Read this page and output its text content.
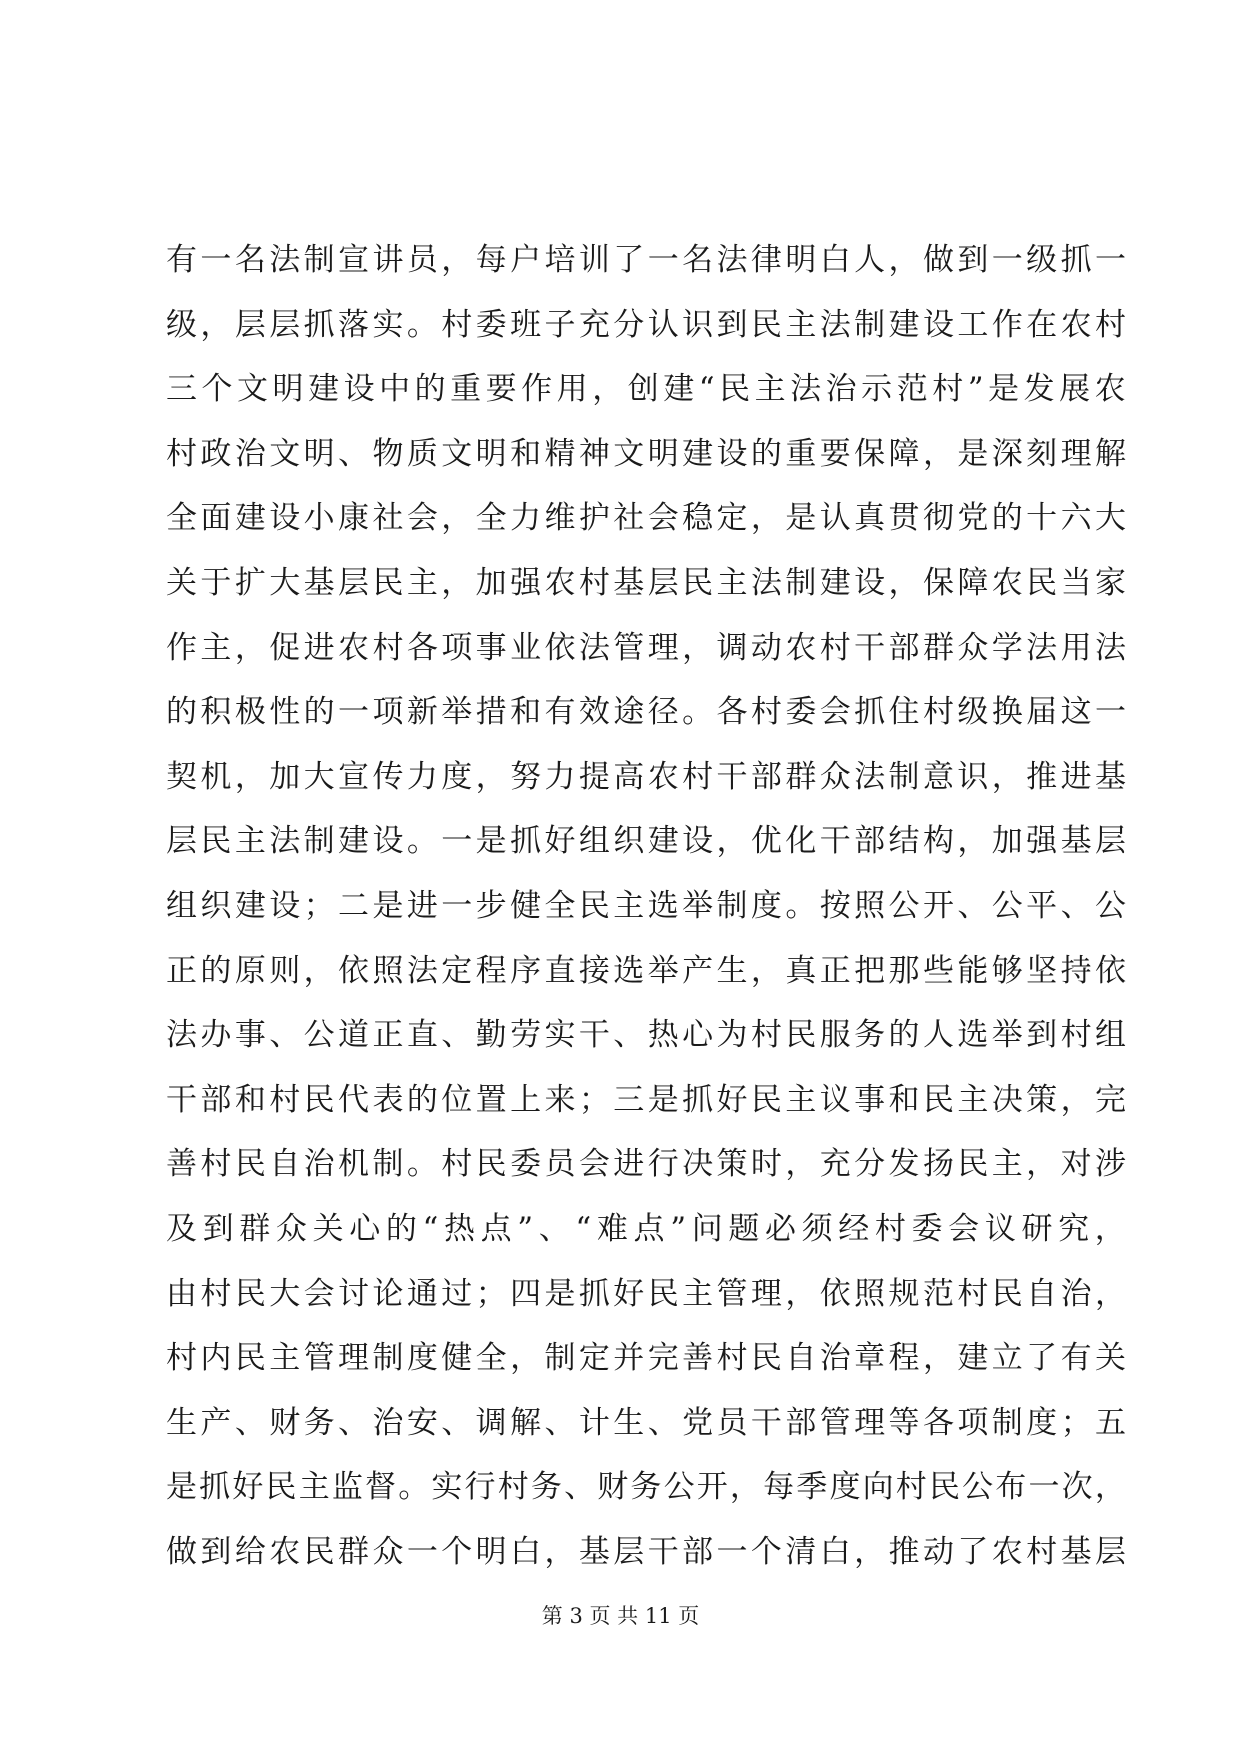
有 一 名 法 制 宣 讲 员 ， 每 户 培 训 了 一 名 法 律 明 白 人 ， 做 到 一 级 抓 一
级 ， 层 层 抓 落 实 。 村 委 班 子 充 分 认 识 到 民 主 法 制 建 设 工 作 在 农 村
三 个 文 明 建 设 中 的 重 要 作 用 ， 创 建 “ 民 主 法 治 示 范 村 ” 是 发 展 农
村 政 治 文 明 、 物 质 文 明 和 精 神 文 明 建 设 的 重 要 保 障 ， 是 深 刻 理 解
全 面 建 设 小 康 社 会 ， 全 力 维 护 社 会 稳 定 ， 是 认 真 贯 彻 党 的 十 六 大
关 于 扩 大 基 层 民 主 ， 加 强 农 村 基 层 民 主 法 制 建 设 ， 保 障 农 民 当 家
作 主 ， 促 进 农 村 各 项 事 业 依 法 管 理 ， 调 动 农 村 干 部 群 众 学 法 用 法
的 积 极 性 的 一 项 新 举 措 和 有 效 途 径 。 各 村 委 会 抓 住 村 级 换 届 这 一
契 机 ， 加 大 宣 传 力 度 ， 努 力 提 高 农 村 干 部 群 众 法 制 意 识 ， 推 进 基
层 民 主 法 制 建 设 。 一 是 抓 好 组 织 建 设 ， 优 化 干 部 结 构 ， 加 强 基 层
组 织 建 设 ； 二 是 进 一 步 健 全 民 主 选 举 制 度 。 按 照 公 开 、 公 平 、 公
正 的 原 则 ， 依 照 法 定 程 序 直 接 选 举 产 生 ， 真 正 把 那 些 能 够 坚 持 依
法 办 事 、 公 道 正 直 、 勤 劳 实 干 、 热 心 为 村 民 服 务 的 人 选 举 到 村 组
干 部 和 村 民 代 表 的 位 置 上 来 ； 三 是 抓 好 民 主 议 事 和 民 主 决 策 ， 完
善 村 民 自 治 机 制 。 村 民 委 员 会 进 行 决 策 时 ， 充 分 发 扬 民 主 ， 对 涉
及 到 群 众 关 心 的 “ 热 点 ” 、 “ 难 点 ” 问 题 必 须 经 村 委 会 议 研 究 ，
由 村 民 大 会 讨 论 通 过 ； 四 是 抓 好 民 主 管 理 ， 依 照 规 范 村 民 自 治 ，
村 内 民 主 管 理 制 度 健 全 ， 制 定 并 完 善 村 民 自 治 章 程 ， 建 立 了 有 关
生 产 、 财 务 、 治 安 、 调 解 、 计 生 、 党 员 干 部 管 理 等 各 项 制 度 ； 五
是 抓 好 民 主 监 督 。 实 行 村 务 、 财 务 公 开 ， 每 季 度 向 村 民 公 布 一 次 ，
做 到 给 农 民 群 众 一 个 明 白 ， 基 层 干 部 一 个 清 白 ， 推 动 了 农 村 基 层
第 3 页 共 11 页
